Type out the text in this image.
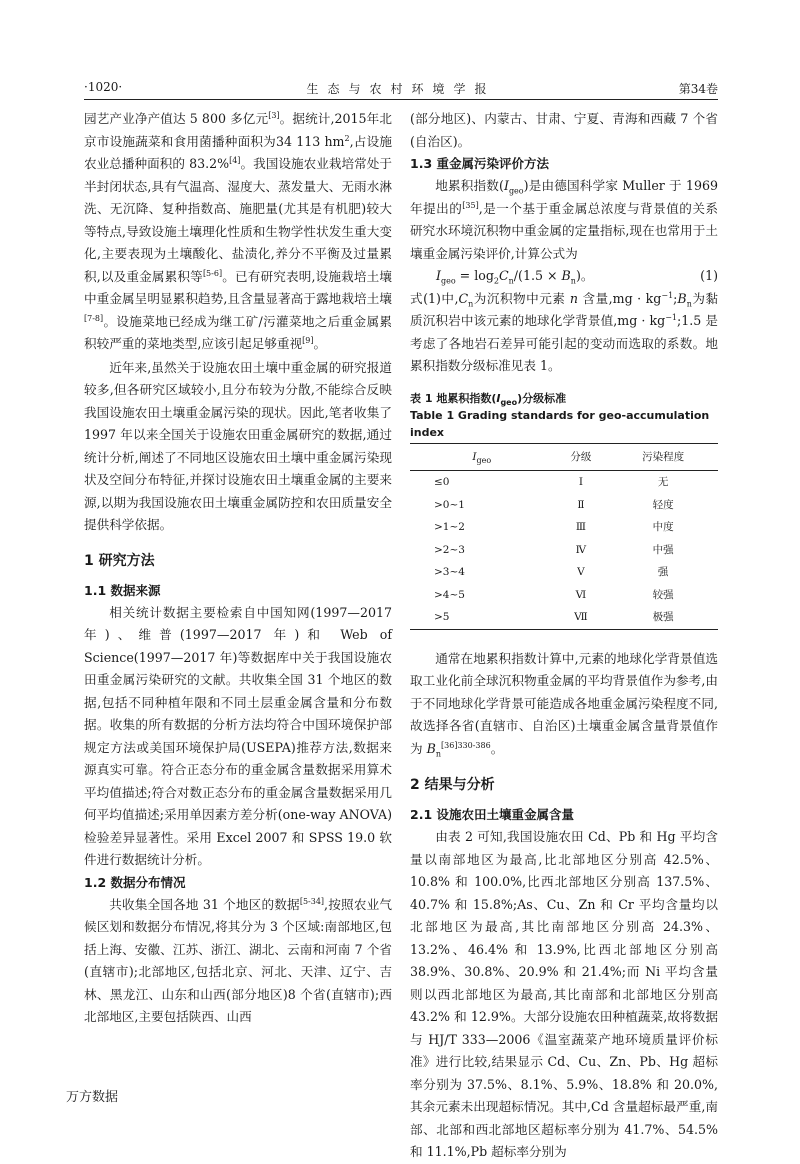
·1020·	生态与农村环境学报	第34卷

园艺产业净产值达 5 800 多亿元[3]。据统计,2015年北京市设施蔬菜和食用菌播种面积为34 113 $hm^2$,占设施农业总播种面积的 83.2%[4]。我国设施农业栽培常处于半封闭状态,具有气温高、湿度大、蒸发量大、无雨水淋洗、无沉降、复种指数高、施肥量(尤其是有机肥)较大等特点,导致设施土壤理化性质和生物学性状发生重大变化,主要表现为土壤酸化、盐渍化,养分不平衡及过量累积,以及重金属累积等[5-6]。已有研究表明,设施栽培土壤中重金属呈明显累积趋势,且含量显著高于露地栽培土壤[7-8]。设施菜地已经成为继工矿/污灌菜地之后重金属累积较严重的菜地类型,应该引起足够重视[9]。

近年来,虽然关于设施农田土壤中重金属的研究报道较多,但各研究区域较小,且分布较为分散,不能综合反映我国设施农田土壤重金属污染的现状。因此,笔者收集了 1997 年以来全国关于设施农田重金属研究的数据,通过统计分析,阐述了不同地区设施农田土壤中重金属污染现状及空间分布特征,并探讨设施农田土壤重金属的主要来源,以期为我国设施农田土壤重金属防控和农田质量安全提供科学依据。

1 研究方法
1.1 数据来源

相关统计数据主要检索自中国知网(1997—2017 年)、维普(1997—2017 年)和 Web of Science(1997—2017 年)等数据库中关于我国设施农田重金属污染研究的文献。共收集全国 31 个地区的数据,包括不同种植年限和不同土层重金属含量和分布数据。收集的所有数据的分析方法均符合中国环境保护部规定方法或美国环境保护局(USEPA)推荐方法,数据来源真实可靠。符合正态分布的重金属含量数据采用算术平均值描述;符合对数正态分布的重金属含量数据采用几何平均值描述;采用单因素方差分析(one-way ANOVA)检验差异显著性。采用 Excel 2007 和 SPSS 19.0 软件进行数据统计分析。

1.2 数据分布情况

共收集全国各地 31 个地区的数据[5-34],按照农业气候区划和数据分布情况,将其分为 3 个区域:南部地区,包括上海、安徽、江苏、浙江、湖北、云南和河南 7 个省(直辖市);北部地区,包括北京、河北、天津、辽宁、吉林、黑龙江、山东和山西(部分地区)8 个省(直辖市);西北部地区,主要包括陕西、山西

(部分地区)、内蒙古、甘肃、宁夏、青海和西藏 7 个省(自治区)。

1.3 重金属污染评价方法

地累积指数$(I_{geo})$是由德国科学家 Muller 于 1969 年提出的[35],是一个基于重金属总浓度与背景值的关系研究水环境沉积物中重金属的定量指标,现在也常用于土壤重金属污染评价,计算公式为

$I_{geo} = \log_2C_n/(1.5 \times B_n)$。	(1)

式(1)中$,C_n$为沉积物中元素 n 含量$,mg \cdot kg^{-1};B_n$为黏质沉积岩中该元素的地球化学背景值$,mg \cdot kg^{-1};1.5$ 是考虑了各地岩石差异可能引起的变动而选取的系数。地累积指数分级标准见表 1。

表 1 地累积指数$(I_{geo})$分级标准
Table 1 Grading standards for geo-accumulation index
$I_{geo}$	分级	污染程度
≤0	Ⅰ	无
>0~1	Ⅱ	轻度
>1~2	Ⅲ	中度
>2~3	Ⅳ	中强
>3~4	Ⅴ	强
>4~5	Ⅵ	较强
>5	Ⅶ	极强

通常在地累积指数计算中,元素的地球化学背景值选取工业化前全球沉积物重金属的平均背景值作为参考,由于不同地球化学背景可能造成各地重金属污染程度不同,故选择各省(直辖市、自治区)土壤重金属含量背景值作为 $B_n^{[36]330-386}$。

2 结果与分析
2.1 设施农田土壤重金属含量

由表 2 可知,我国设施农田 Cd、Pb 和 Hg 平均含量以南部地区为最高,比北部地区分别高 42.5%、10.8% 和 100.0%,比西北部地区分别高 137.5%、40.7% 和 15.8%;As、Cu、Zn 和 Cr 平均含量均以北部地区为最高,其比南部地区分别高 24.3%、13.2%、46.4% 和 13.9%,比西北部地区分别高 38.9%、30.8%、20.9% 和 21.4%;而 Ni 平均含量则以西北部地区为最高,其比南部和北部地区分别高 43.2% 和 12.9%。大部分设施农田种植蔬菜,故将数据与 HJ/T 333—2006《温室蔬菜产地环境质量评价标准》进行比较,结果显示 Cd、Cu、Zn、Pb、Hg 超标率分别为 37.5%、8.1%、5.9%、18.8% 和 20.0%,其余元素未出现超标情况。其中,Cd 含量超标最严重,南部、北部和西北部地区超标率分别为 41.7%、54.5% 和 11.1%,Pb 超标率分别为

万方数据
